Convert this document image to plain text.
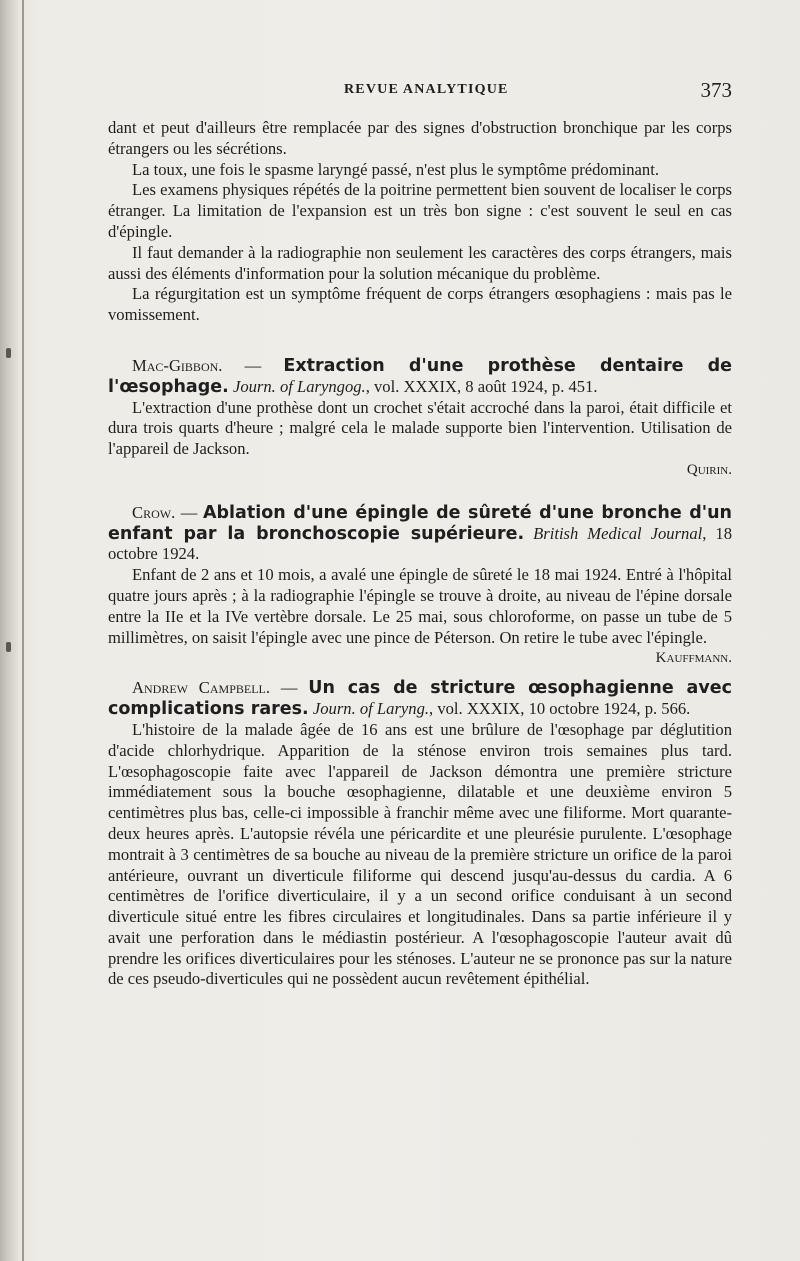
REVUE ANALYTIQUE	373

dant et peut d'ailleurs être remplacée par des signes d'obstruction bronchique par les corps étrangers ou les sécrétions.

La toux, une fois le spasme laryngé passé, n'est plus le symptôme prédominant.

Les examens physiques répétés de la poitrine permettent bien souvent de localiser le corps étranger. La limitation de l'expansion est un très bon signe : c'est souvent le seul en cas d'épingle.

Il faut demander à la radiographie non seulement les caractères des corps étrangers, mais aussi des éléments d'information pour la solution mécanique du problème.

La régurgitation est un symptôme fréquent de corps étrangers œsophagiens : mais pas le vomissement.

Mac-Gibbon. — Extraction d'une prothèse dentaire de l'œsophage. Journ. of Laryngog., vol. XXXIX, 8 août 1924, p. 451.

L'extraction d'une prothèse dont un crochet s'était accroché dans la paroi, était difficile et dura trois quarts d'heure ; malgré cela le malade supporte bien l'intervention. Utilisation de l'appareil de Jackson.

Quirin.

Crow. — Ablation d'une épingle de sûreté d'une bronche d'un enfant par la bronchoscopie supérieure. British Medical Journal, 18 octobre 1924.

Enfant de 2 ans et 10 mois, a avalé une épingle de sûreté le 18 mai 1924. Entré à l'hôpital quatre jours après ; à la radiographie l'épingle se trouve à droite, au niveau de l'épine dorsale entre la IIe et la IVe vertèbre dorsale. Le 25 mai, sous chloroforme, on passe un tube de 5 millimètres, on saisit l'épingle avec une pince de Péterson. On retire le tube avec l'épingle.
Kauffmann.

Andrew Campbell. — Un cas de stricture œsophagienne avec complications rares. Journ. of Laryng., vol. XXXIX, 10 octobre 1924, p. 566.

L'histoire de la malade âgée de 16 ans est une brûlure de l'œsophage par déglutition d'acide chlorhydrique. Apparition de la sténose environ trois semaines plus tard. L'œsophagoscopie faite avec l'appareil de Jackson démontra une première stricture immédiatement sous la bouche œsophagienne, dilatable et une deuxième environ 5 centimètres plus bas, celle-ci impossible à franchir même avec une filiforme. Mort quarante-deux heures après. L'autopsie révéla une péricardite et une pleurésie purulente. L'œsophage montrait à 3 centimètres de sa bouche au niveau de la première stricture un orifice de la paroi antérieure, ouvrant un diverticule filiforme qui descend jusqu'au-dessus du cardia. A 6 centimètres de l'orifice diverticulaire, il y a un second orifice conduisant à un second diverticule situé entre les fibres circulaires et longitudinales. Dans sa partie inférieure il y avait une perforation dans le médiastin postérieur. A l'œsophagoscopie l'auteur avait dû prendre les orifices diverticulaires pour les sténoses. L'auteur ne se prononce pas sur la nature de ces pseudo-diverticules qui ne possèdent aucun revêtement épithélial.
